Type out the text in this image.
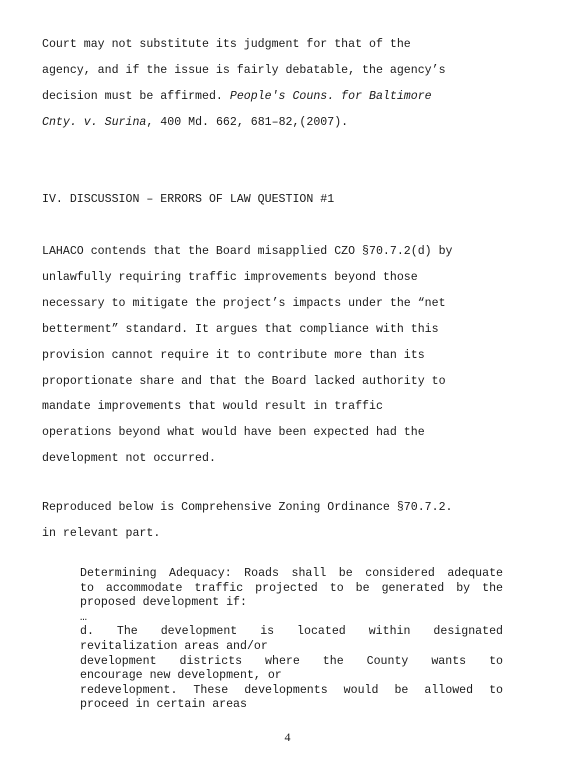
Court may not substitute its judgment for that of the
agency, and if the issue is fairly debatable, the agency’s
decision must be affirmed. People's Couns. for Baltimore
Cnty. v. Surina, 400 Md. 662, 681–82,(2007).
IV. DISCUSSION – ERRORS OF LAW QUESTION #1
LAHACO contends that the Board misapplied CZO §70.7.2(d) by
unlawfully requiring traffic improvements beyond those
necessary to mitigate the project’s impacts under the “net
betterment” standard. It argues that compliance with this
provision cannot require it to contribute more than its
proportionate share and that the Board lacked authority to
mandate improvements that would result in traffic
operations beyond what would have been expected had the
development not occurred.
Reproduced below is Comprehensive Zoning Ordinance §70.7.2.
in relevant part.
Determining Adequacy: Roads shall be considered adequate
to accommodate traffic projected to be generated by the
proposed development if:
…
d. The development is located within designated
revitalization areas and/or
development districts where the County wants to
encourage new development, or
redevelopment. These developments would be allowed to
proceed in certain areas
4
